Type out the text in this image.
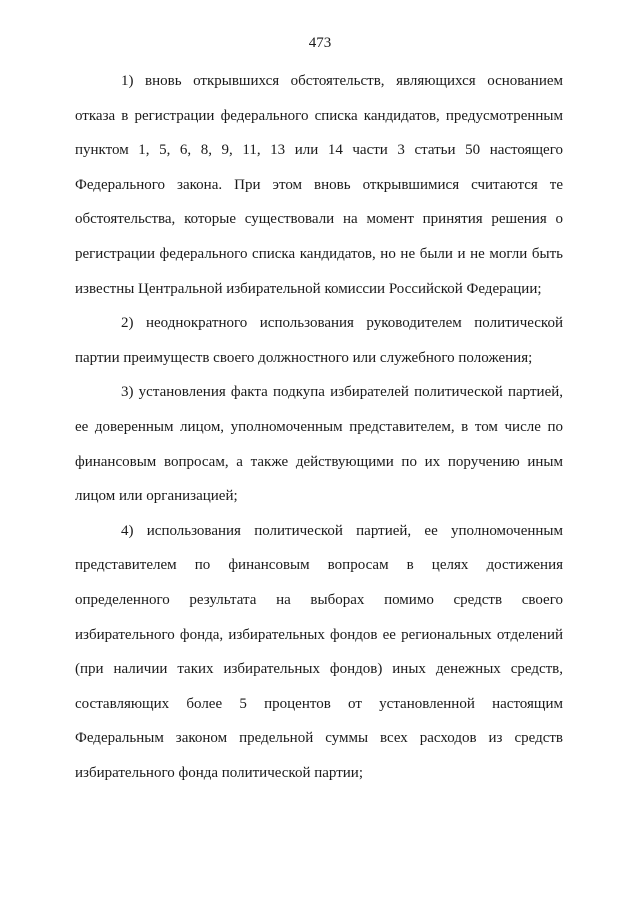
473

1) вновь открывшихся обстоятельств, являющихся основанием отказа в регистрации федерального списка кандидатов, предусмотренным пунктом 1, 5, 6, 8, 9, 11, 13 или 14 части 3 статьи 50 настоящего Федерального закона. При этом вновь открывшимися считаются те обстоятельства, которые существовали на момент принятия решения о регистрации федерального списка кандидатов, но не были и не могли быть известны Центральной избирательной комиссии Российской Федерации;

2) неоднократного использования руководителем политической партии преимуществ своего должностного или служебного положения;

3) установления факта подкупа избирателей политической партией, ее доверенным лицом, уполномоченным представителем, в том числе по финансовым вопросам, а также действующими по их поручению иным лицом или организацией;

4) использования политической партией, ее уполномоченным представителем по финансовым вопросам в целях достижения определенного результата на выборах помимо средств своего избирательного фонда, избирательных фондов ее региональных отделений (при наличии таких избирательных фондов) иных денежных средств, составляющих более 5 процентов от установленной настоящим Федеральным законом предельной суммы всех расходов из средств избирательного фонда политической партии;
